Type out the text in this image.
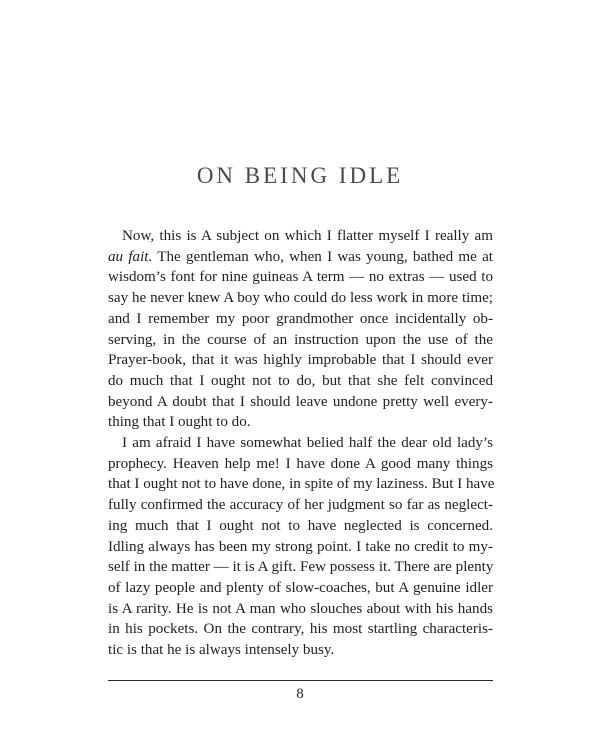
ON BEING IDLE
Now, this is A subject on which I flatter myself I really am
au fait. The gentleman who, when I was young, bathed me at
wisdom’s font for nine guineas A term — no extras — used to
say he never knew A boy who could do less work in more time;
and I remember my poor grandmother once incidentally ob-
serving, in the course of an instruction upon the use of the
Prayer-book, that it was highly improbable that I should ever
do much that I ought not to do, but that she felt convinced
beyond A doubt that I should leave undone pretty well every-
thing that I ought to do.
I am afraid I have somewhat belied half the dear old lady’s
prophecy. Heaven help me! I have done A good many things
that I ought not to have done, in spite of my laziness. But I have
fully confirmed the accuracy of her judgment so far as neglect-
ing much that I ought not to have neglected is concerned.
Idling always has been my strong point. I take no credit to my-
self in the matter — it is A gift. Few possess it. There are plenty
of lazy people and plenty of slow-coaches, but A genuine idler
is A rarity. He is not A man who slouches about with his hands
in his pockets. On the contrary, his most startling characteris-
tic is that he is always intensely busy.
8
